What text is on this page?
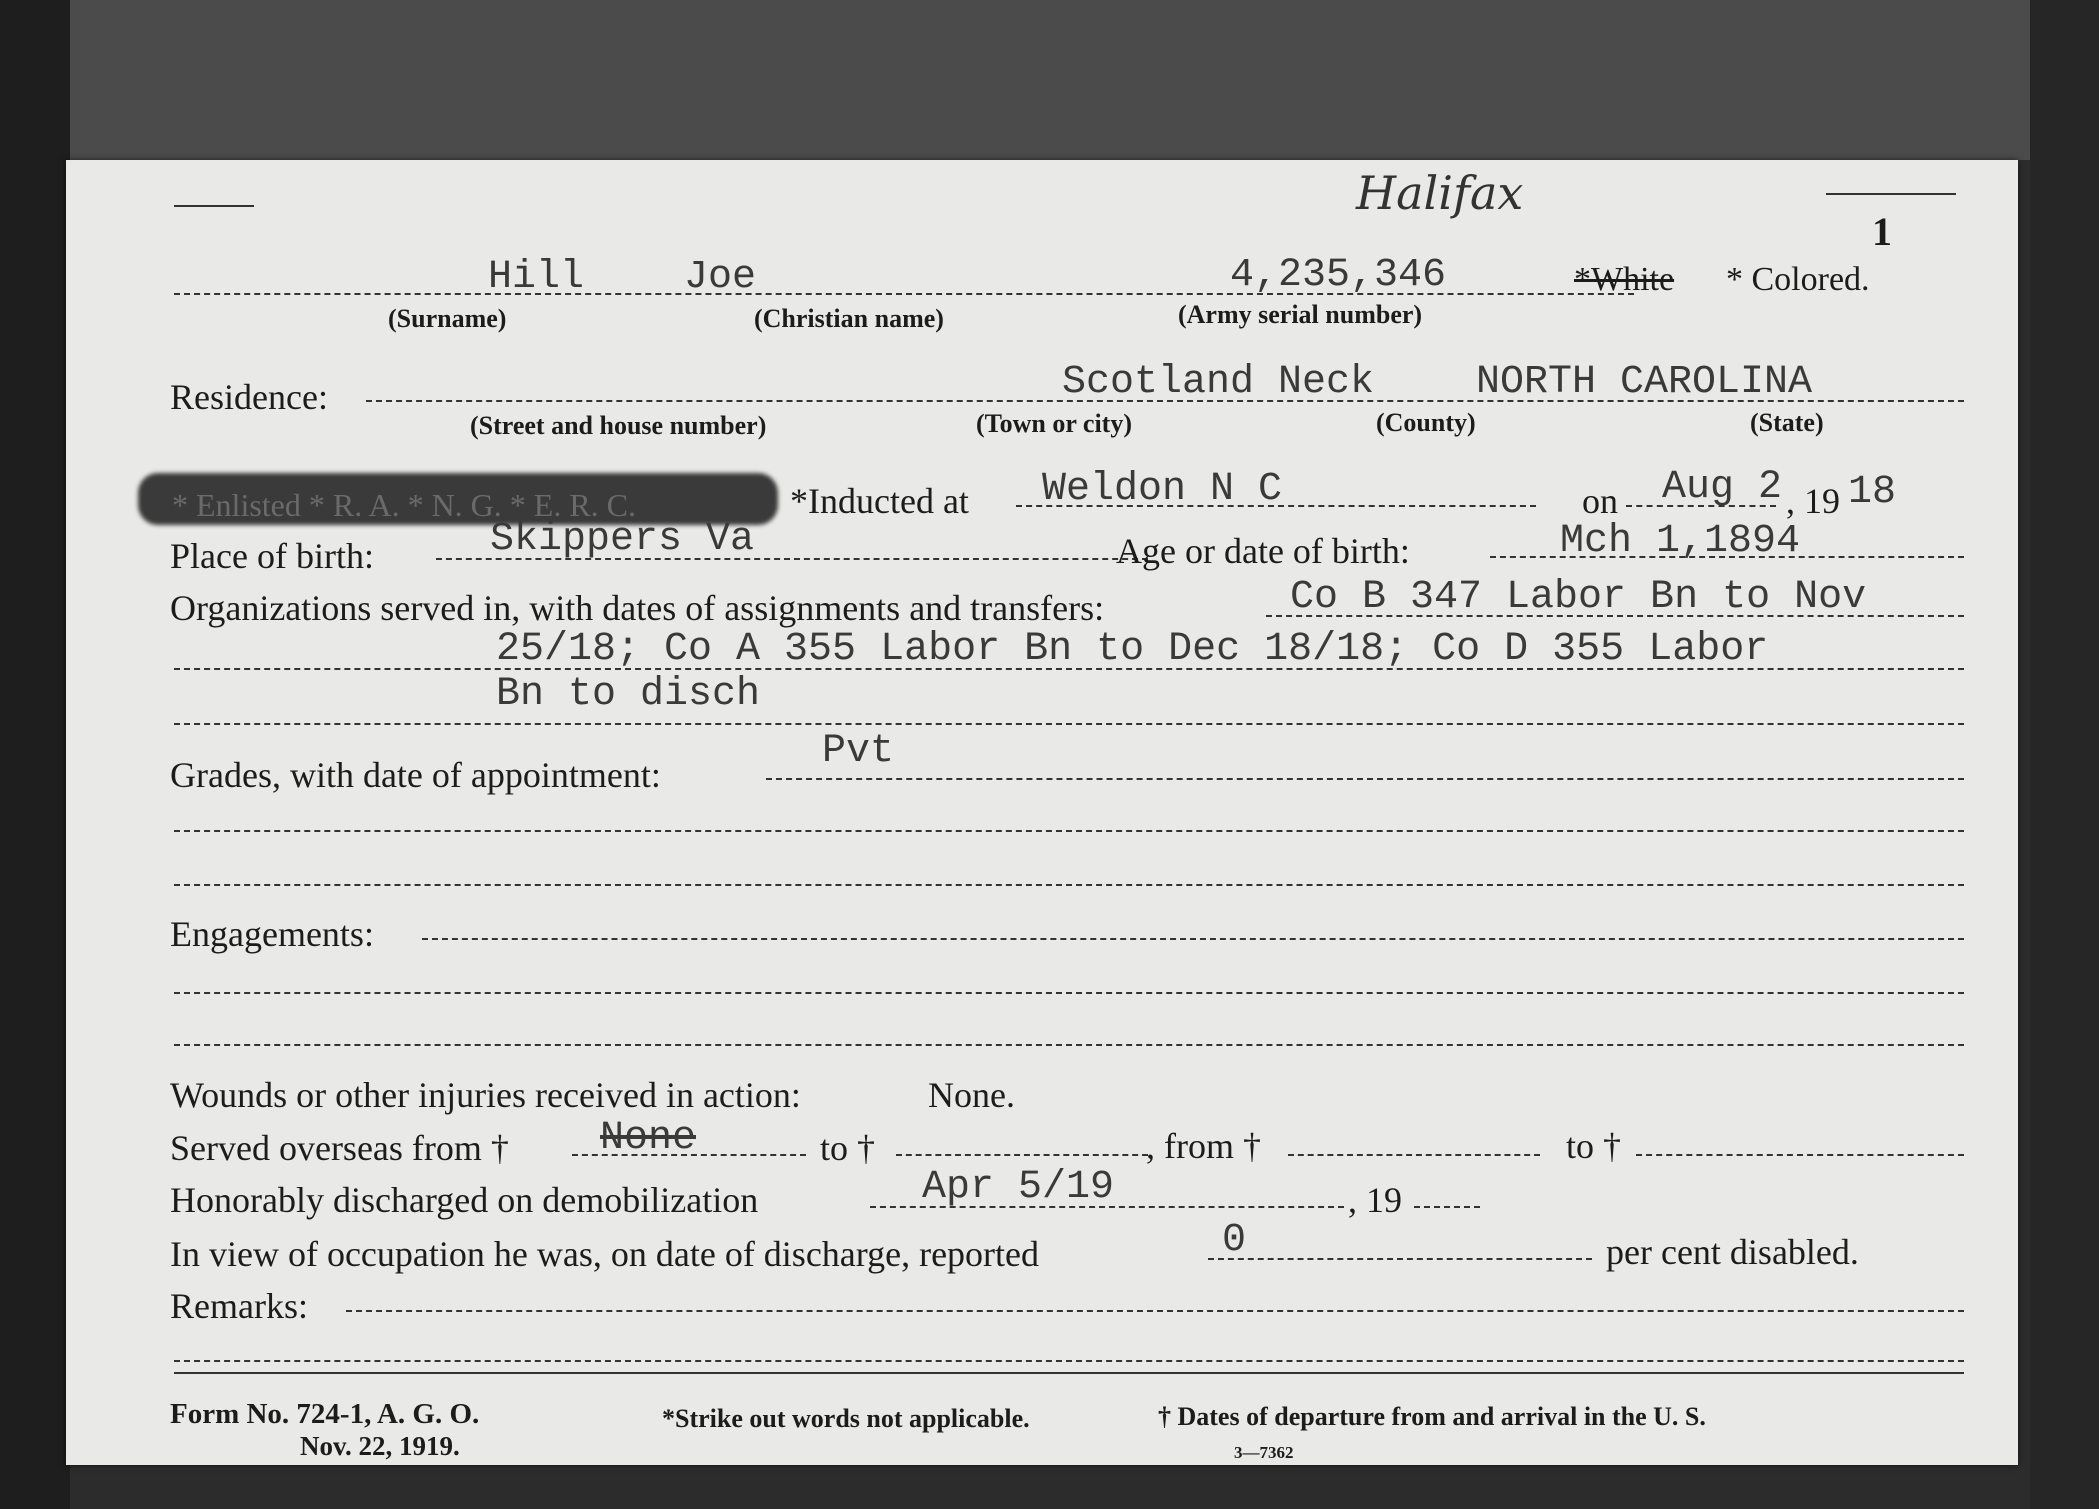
Halifax
1
Hill Joe	4,235,346	*White * Colored.
(Surname)	(Christian name)	(Army serial number)
Residence:	Scotland Neck	NORTH CAROLINA
(Street and house number)	(Town or city)	(County)	(State)
* Enlisted * R. A. * N. G. * E. R. C.	*Inducted at Weldon N C	on Aug 2 , 19 18
Place of birth:	Skippers Va	Age or date of birth:	Mch 1,1894
Organizations served in, with dates of assignments and transfers:	Co B 347 Labor Bn to Nov
25/18; Co A 355 Labor Bn to Dec 18/18; Co D 355 Labor
Bn to disch
Grades, with date of appointment:
Pvt
Engagements:
Wounds or other injuries received in action:	None.
Served overseas from † None	to †	, from †	to †
Honorably discharged on demobilization	Apr 5/19	, 19
In view of occupation he was, on date of discharge, reported	0	per cent disabled.
Remarks:
Form No. 724-1, A. G. O.
Nov. 22, 1919.
*Strike out words not applicable.	† Dates of departure from and arrival in the U. S.
3—7362
